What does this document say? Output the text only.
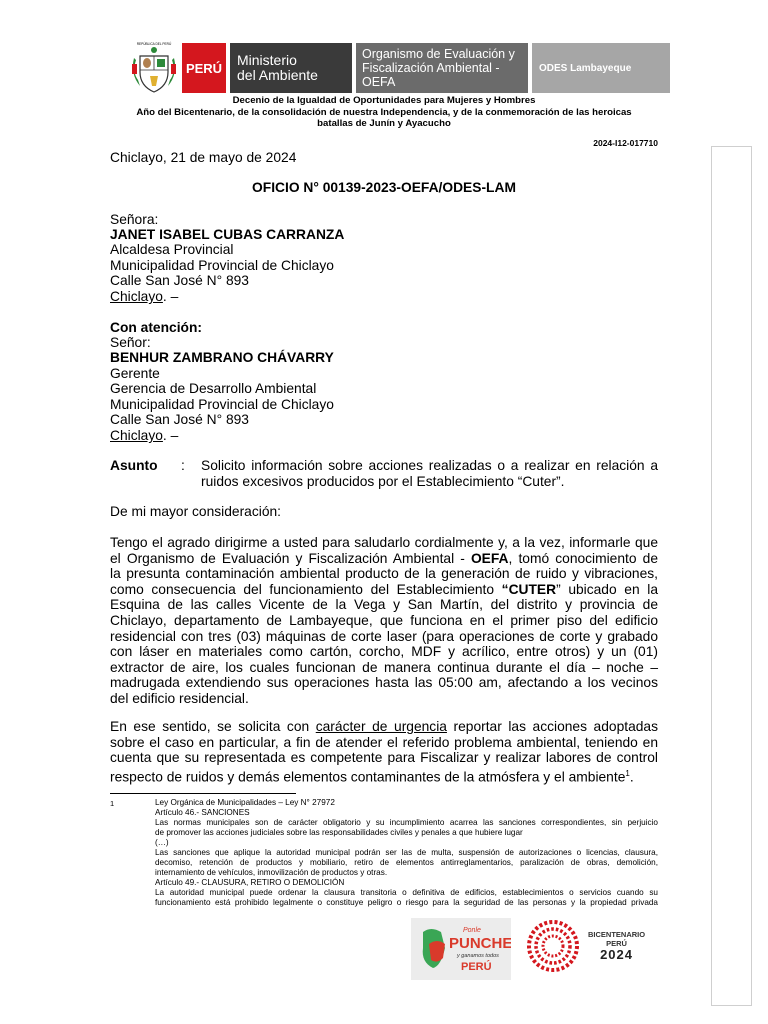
REPÚBLICA DEL PERÚ
PERÚ Ministerio
del Ambiente
Organismo de Evaluación y
Fiscalización Ambiental - OEFA
ODES Lambayeque
Decenio de la Igualdad de Oportunidades para Mujeres y Hombres
Año del Bicentenario, de la consolidación de nuestra Independencia, y de la conmemoración de las heroicas
batallas de Junín y Ayacucho
2024-I12-017710
Chiclayo, 21 de mayo de 2024
OFICIO N° 00139-2023-OEFA/ODES-LAM
Señora:
JANET ISABEL CUBAS CARRANZA
Alcaldesa Provincial
Municipalidad Provincial de Chiclayo
Calle San José N° 893
Chiclayo. –
Con atención:
Señor:
BENHUR ZAMBRANO CHÁVARRY
Gerente
Gerencia de Desarrollo Ambiental
Municipalidad Provincial de Chiclayo
Calle San José N° 893
Chiclayo. –
Asunto : Solicito información sobre acciones realizadas o a realizar en relación a
ruidos excesivos producidos por el Establecimiento “Cuter”.
De mi mayor consideración:
Tengo el agrado dirigirme a usted para saludarlo cordialmente y, a la vez, informarle que
el Organismo de Evaluación y Fiscalización Ambiental - OEFA, tomó conocimiento de
la presunta contaminación ambiental producto de la generación de ruido y vibraciones,
como consecuencia del funcionamiento del Establecimiento “CUTER” ubicado en la
Esquina de las calles Vicente de la Vega y San Martín, del distrito y provincia de
Chiclayo, departamento de Lambayeque, que funciona en el primer piso del edificio
residencial con tres (03) máquinas de corte laser (para operaciones de corte y grabado
con láser en materiales como cartón, corcho, MDF y acrílico, entre otros) y un (01)
extractor de aire, los cuales funcionan de manera continua durante el día – noche –
madrugada extendiendo sus operaciones hasta las 05:00 am, afectando a los vecinos
del edificio residencial.
En ese sentido, se solicita con carácter de urgencia reportar las acciones adoptadas
sobre el caso en particular, a fin de atender el referido problema ambiental, teniendo en
cuenta que su representada es competente para Fiscalizar y realizar labores de control
respecto de ruidos y demás elementos contaminantes de la atmósfera y el ambiente$^1$.
1	Ley Orgánica de Municipalidades – Ley N° 27972
Artículo 46.- SANCIONES
Las normas municipales son de carácter obligatorio y su incumplimiento acarrea las sanciones correspondientes, sin perjuicio
de promover las acciones judiciales sobre las responsabilidades civiles y penales a que hubiere lugar
(…)
Las sanciones que aplique la autoridad municipal podrán ser las de multa, suspensión de autorizaciones o licencias, clausura,
decomiso, retención de productos y mobiliario, retiro de elementos antirreglamentarios, paralización de obras, demolición,
internamiento de vehículos, inmovilización de productos y otras.
Artículo 49.- CLAUSURA, RETIRO O DEMOLICIÓN
La autoridad municipal puede ordenar la clausura transitoria o definitiva de edificios, establecimientos o servicios cuando su
funcionamiento está prohibido legalmente o constituye peligro o riesgo para la seguridad de las personas y la propiedad privada
Ponle
PUNCHE
y ganamos todos
PERÚ
BICENTENARIO
PERÚ
2024
